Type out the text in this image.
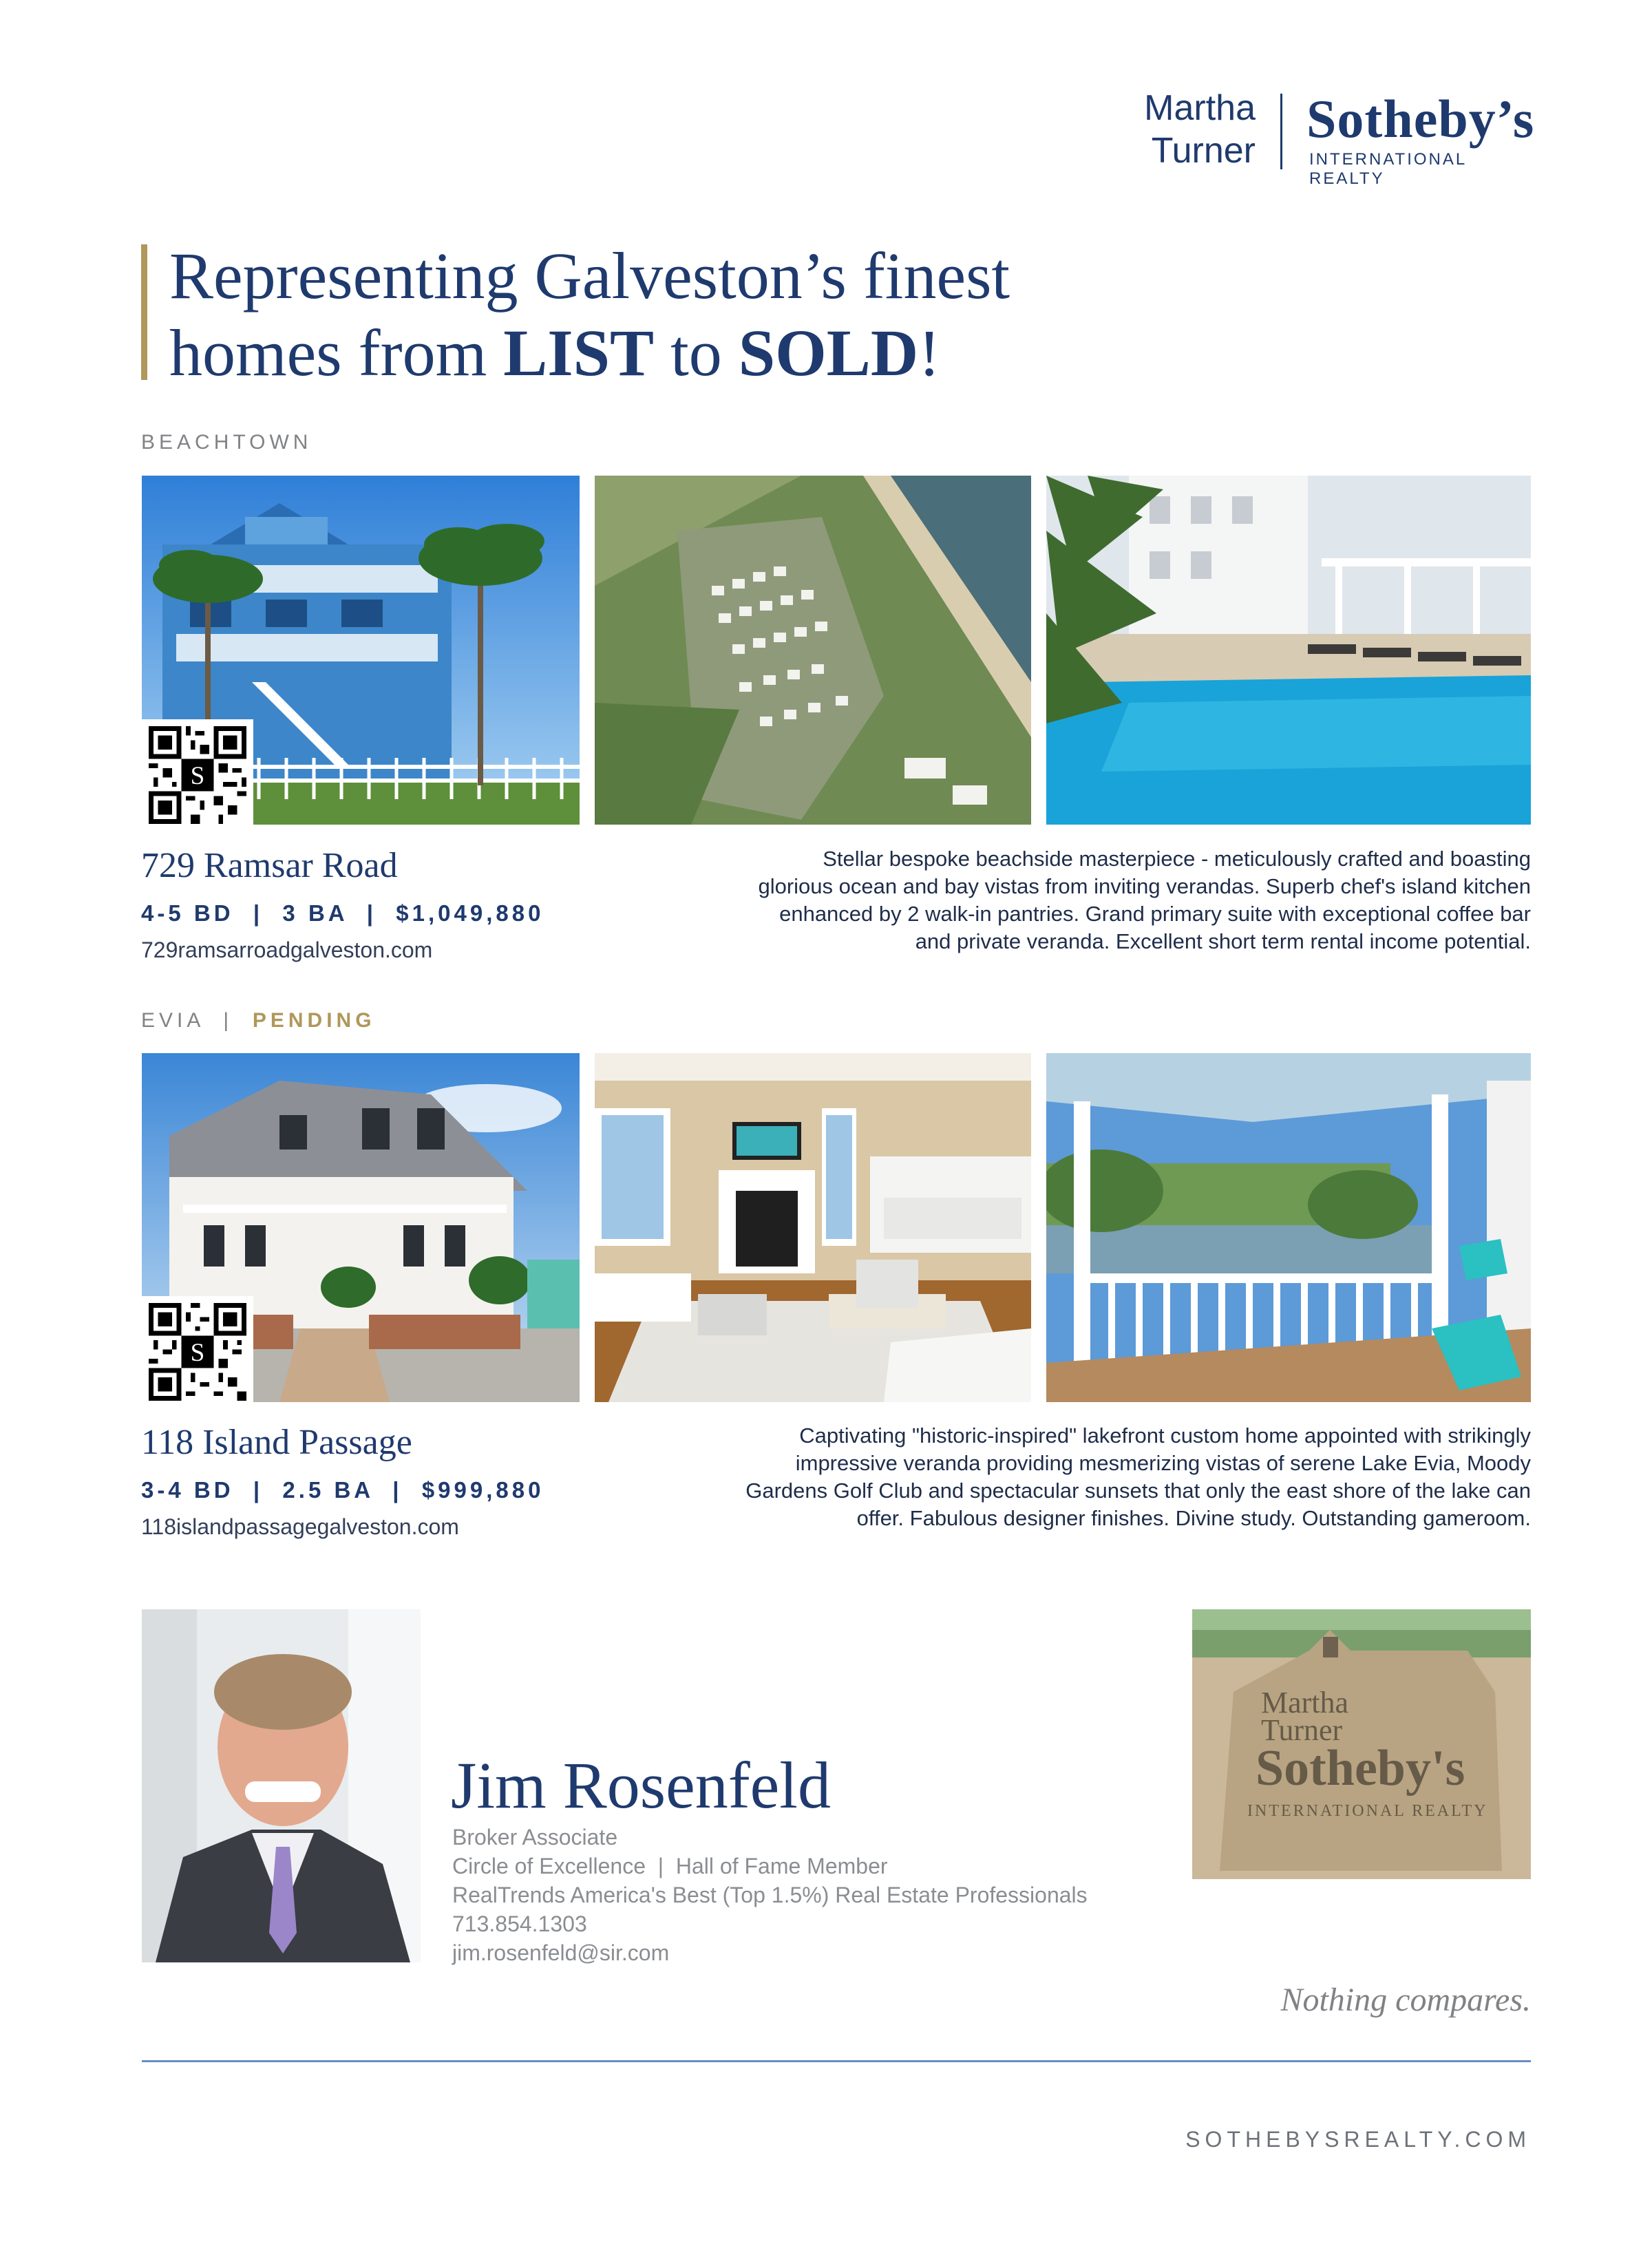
Martha
Turner
Sotheby’s
INTERNATIONAL REALTY
Representing Galveston’s finest
homes from LIST to SOLD!
BEACHTOWN
S
729 Ramsar Road
4-5 BD  |  3 BA  |  $1,049,880
729ramsarroadgalveston.com
Stellar bespoke beachside masterpiece - meticulously crafted and boasting
glorious ocean and bay vistas from inviting verandas. Superb chef's island kitchen
enhanced by 2 walk-in pantries. Grand primary suite with exceptional coffee bar
and private veranda. Excellent short term rental income potential.
EVIA  |  PENDING
S
118 Island Passage
3-4 BD  |  2.5 BA  |  $999,880
118islandpassagegalveston.com
Captivating "historic-inspired" lakefront custom home appointed with strikingly
impressive veranda providing mesmerizing vistas of serene Lake Evia, Moody
Gardens Golf Club and spectacular sunsets that only the east shore of the lake can
offer. Fabulous designer finishes. Divine study. Outstanding gameroom.
Jim Rosenfeld
Broker Associate
Circle of Excellence  |  Hall of Fame Member
RealTrends America's Best (Top 1.5%) Real Estate Professionals
713.854.1303
jim.rosenfeld@sir.com
Martha
Turner
Sotheby's
INTERNATIONAL REALTY
Nothing compares.
SOTHEBYSREALTY.COM
